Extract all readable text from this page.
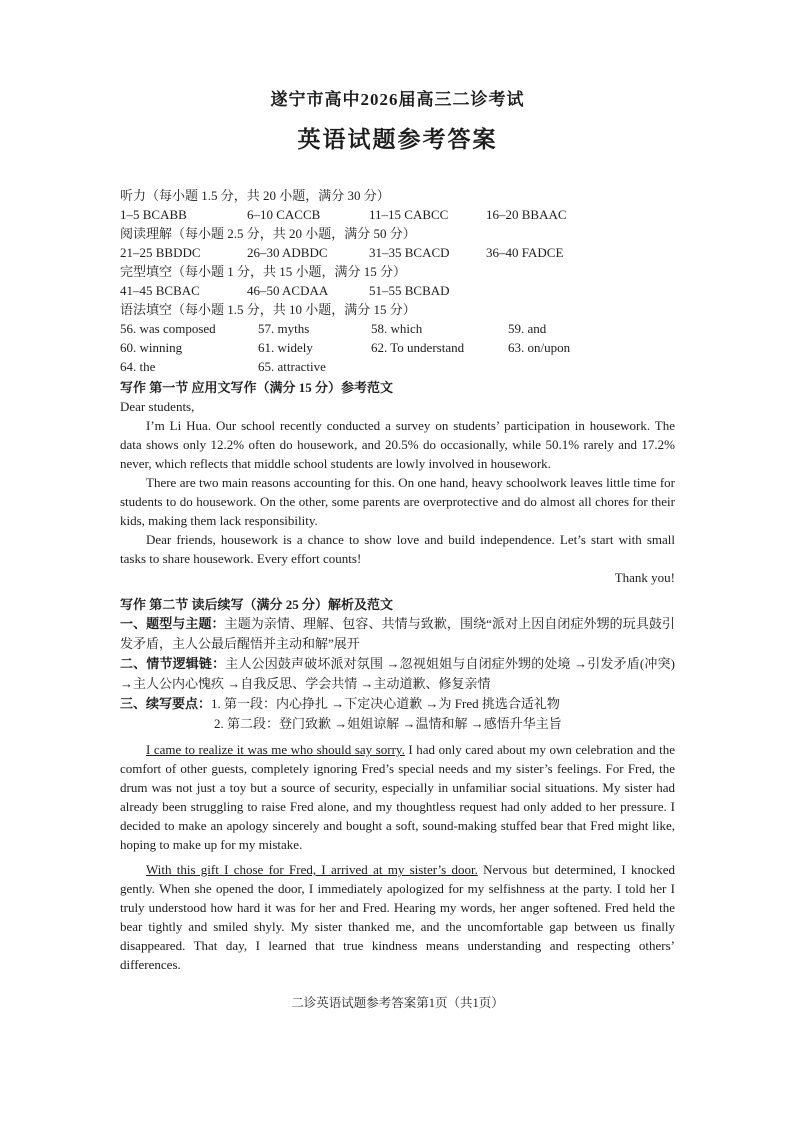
遂宁市高中2026届高三二诊考试
英语试题参考答案
听力（每小题 1.5 分，共 20 小题，满分 30 分）
1–5 BCABB	6–10 CACCB	11–15 CABCC	16–20 BBAAC
阅读理解（每小题 2.5 分，共 20 小题，满分 50 分）
21–25 BBDDC	26–30 ADBDC	31–35 BCACD	36–40 FADCE
完型填空（每小题 1 分，共 15 小题，满分 15 分）
41–45 BCBAC	46–50 ACDAA	51–55 BCBAD
语法填空（每小题 1.5 分，共 10 小题，满分 15 分）
56. was composed	57. myths	58. which	59. and
60. winning	61. widely	62. To understand	63. on/upon
64. the	65. attractive
写作 第一节 应用文写作（满分 15 分）参考范文
Dear students,

I’m Li Hua. Our school recently conducted a survey on students’ participation in housework. The data shows only 12.2% often do housework, and 20.5% do occasionally, while 50.1% rarely and 17.2% never, which reflects that middle school students are lowly involved in housework.

There are two main reasons accounting for this. On one hand, heavy schoolwork leaves little time for students to do housework. On the other, some parents are overprotective and do almost all chores for their kids, making them lack responsibility.

Dear friends, housework is a chance to show love and build independence. Let’s start with small tasks to share housework. Every effort counts!

Thank you!
写作 第二节 读后续写（满分 25 分）解析及范文

一、题型与主题：主题为亲情、理解、包容、共情与致歉，围绕“派对上因自闭症外甥的玩具鼓引发矛盾，主人公最后醒悟并主动和解”展开

二、情节逻辑链：主人公因鼓声破坏派对氛围 →忽视姐姐与自闭症外甥的处境 →引发矛盾(冲突) →主人公内心愧疚 →自我反思、学会共情 →主动道歉、修复亲情

三、续写要点：1. 第一段：内心挣扎 →下定决心道歉 →为 Fred 挑选合适礼物

2. 第二段：登门致歉 →姐姐谅解 →温情和解 →感悟升华主旨

I came to realize it was me who should say sorry. I had only cared about my own celebration and the comfort of other guests, completely ignoring Fred’s special needs and my sister’s feelings. For Fred, the drum was not just a toy but a source of security, especially in unfamiliar social situations. My sister had already been struggling to raise Fred alone, and my thoughtless request had only added to her pressure. I decided to make an apology sincerely and bought a soft, sound-making stuffed bear that Fred might like, hoping to make up for my mistake.

With this gift I chose for Fred, I arrived at my sister’s door. Nervous but determined, I knocked gently. When she opened the door, I immediately apologized for my selfishness at the party. I told her I truly understood how hard it was for her and Fred. Hearing my words, her anger softened. Fred held the bear tightly and smiled shyly. My sister thanked me, and the uncomfortable gap between us finally disappeared. That day, I learned that true kindness means understanding and respecting others’ differences.

二诊英语试题参考答案第1页（共1页）
